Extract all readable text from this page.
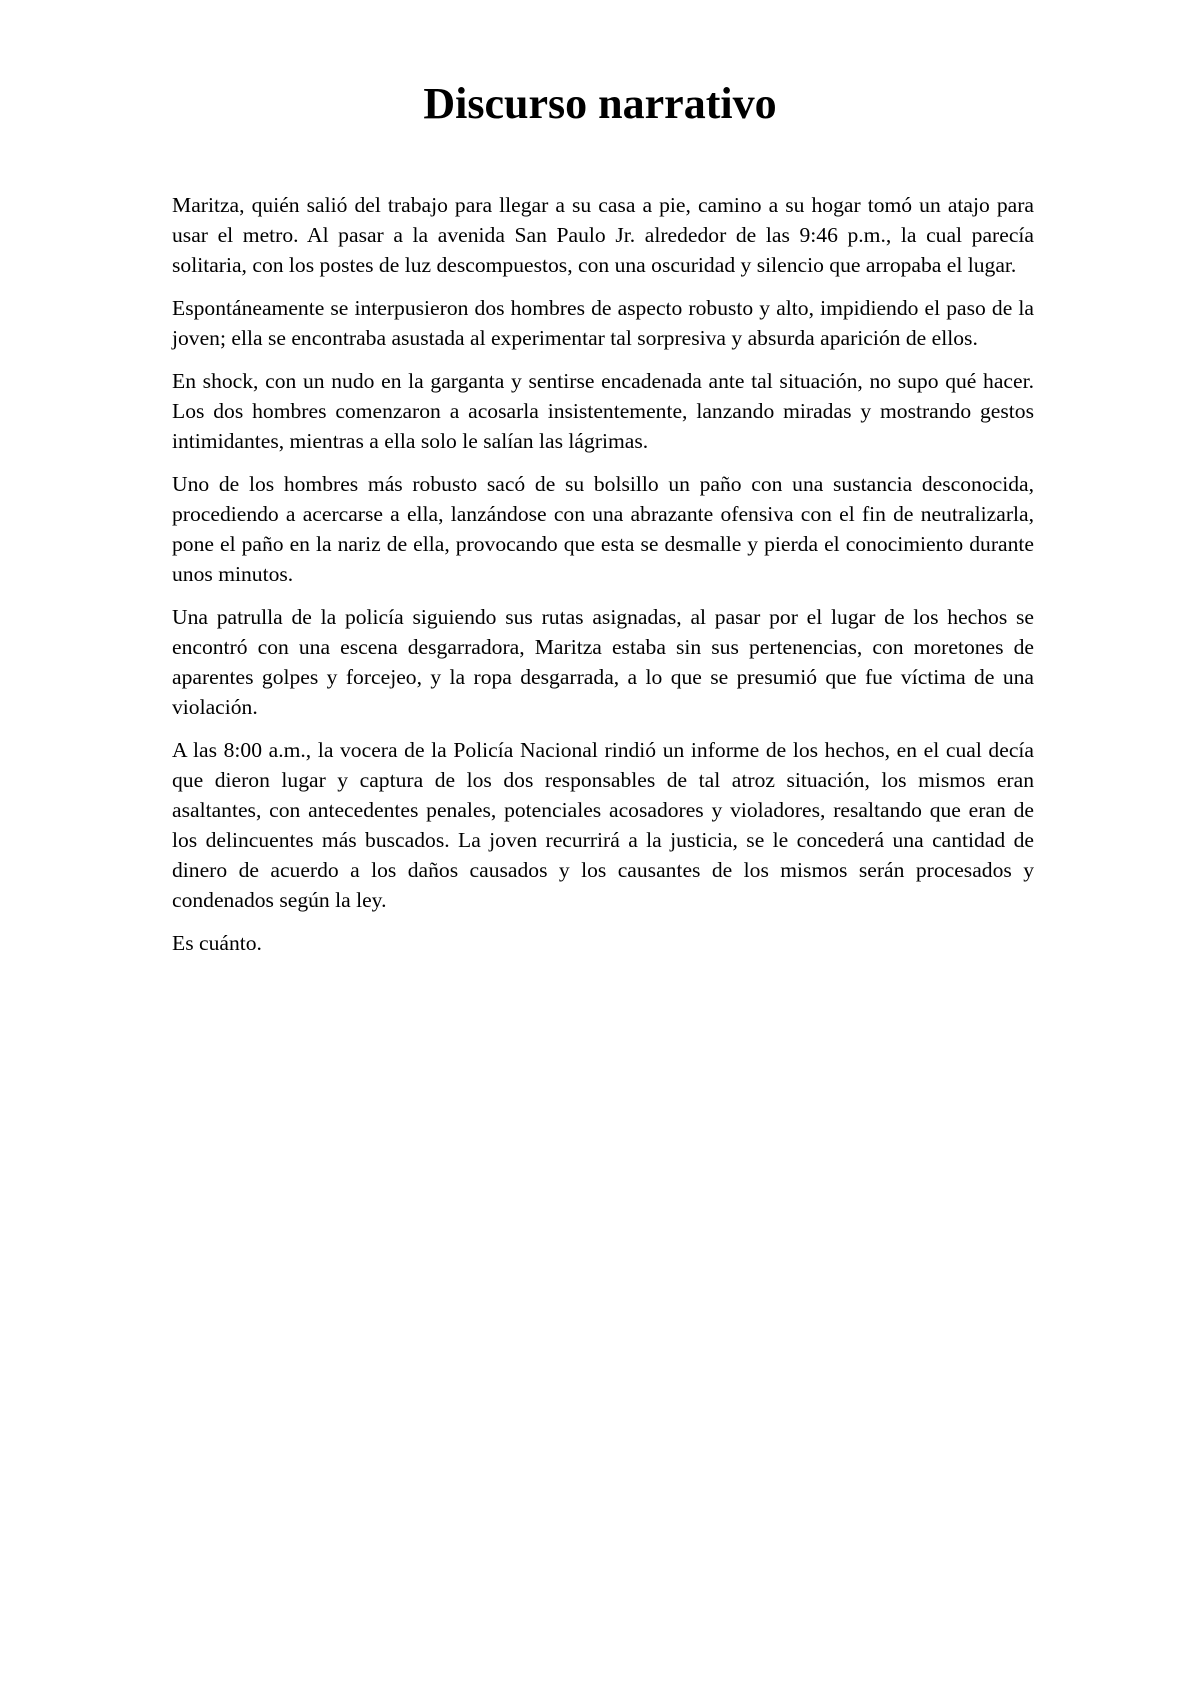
Discurso narrativo

Maritza, quién salió del trabajo para llegar a su casa a pie, camino a su hogar tomó un atajo para usar el metro. Al pasar a la avenida San Paulo Jr. alrededor de las 9:46 p.m., la cual parecía solitaria, con los postes de luz descompuestos, con una oscuridad y silencio que arropaba el lugar.

Espontáneamente se interpusieron dos hombres de aspecto robusto y alto, impidiendo el paso de la joven; ella se encontraba asustada al experimentar tal sorpresiva y absurda aparición de ellos.

En shock, con un nudo en la garganta y sentirse encadenada ante tal situación, no supo qué hacer. Los dos hombres comenzaron a acosarla insistentemente, lanzando miradas y mostrando gestos intimidantes, mientras a ella solo le salían las lágrimas.

Uno de los hombres más robusto sacó de su bolsillo un paño con una sustancia desconocida, procediendo a acercarse a ella, lanzándose con una abrazante ofensiva con el fin de neutralizarla, pone el paño en la nariz de ella, provocando que esta se desmalle y pierda el conocimiento durante unos minutos.

Una patrulla de la policía siguiendo sus rutas asignadas, al pasar por el lugar de los hechos se encontró con una escena desgarradora, Maritza estaba sin sus pertenencias, con moretones de aparentes golpes y forcejeo, y la ropa desgarrada, a lo que se presumió que fue víctima de una violación.

A las 8:00 a.m., la vocera de la Policía Nacional rindió un informe de los hechos, en el cual decía que dieron lugar y captura de los dos responsables de tal atroz situación, los mismos eran asaltantes, con antecedentes penales, potenciales acosadores y violadores, resaltando que eran de los delincuentes más buscados. La joven recurrirá a la justicia, se le concederá una cantidad de dinero de acuerdo a los daños causados y los causantes de los mismos serán procesados y condenados según la ley.

Es cuánto.
